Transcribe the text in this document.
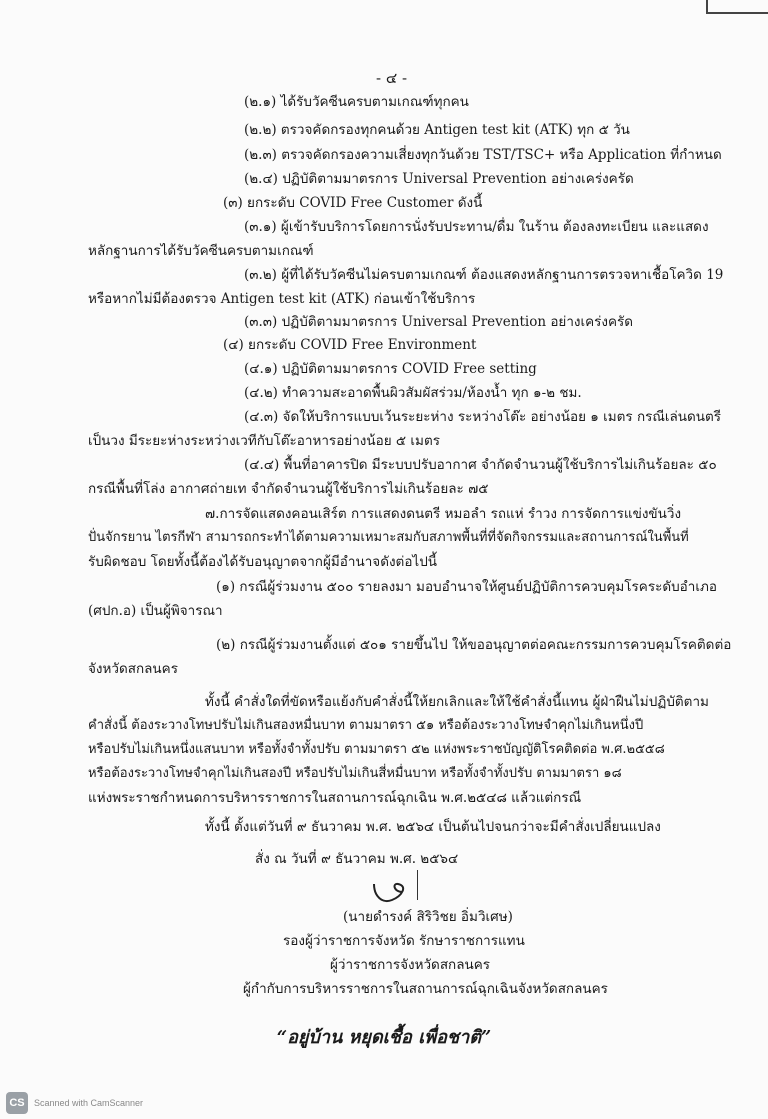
- ๔ -
(๒.๑) ได้รับวัคซีนครบตามเกณฑ์ทุกคน
(๒.๒) ตรวจคัดกรองทุกคนด้วย Antigen test kit (ATK) ทุก ๕ วัน
(๒.๓) ตรวจคัดกรองความเสี่ยงทุกวันด้วย TST/TSC+ หรือ Application ที่กำหนด
(๒.๔) ปฏิบัติตามมาตรการ Universal Prevention อย่างเคร่งครัด
(๓) ยกระดับ COVID Free Customer ดังนี้
(๓.๑) ผู้เข้ารับบริการโดยการนั่งรับประทาน/ดื่ม ในร้าน ต้องลงทะเบียน และแสดง
หลักฐานการได้รับวัคซีนครบตามเกณฑ์
(๓.๒) ผู้ที่ได้รับวัคซีนไม่ครบตามเกณฑ์ ต้องแสดงหลักฐานการตรวจหาเชื้อโควิด 19
หรือหากไม่มีต้องตรวจ Antigen test kit (ATK) ก่อนเข้าใช้บริการ
(๓.๓) ปฏิบัติตามมาตรการ Universal Prevention อย่างเคร่งครัด
(๔) ยกระดับ COVID Free Environment
(๔.๑) ปฏิบัติตามมาตรการ COVID Free setting
(๔.๒) ทำความสะอาดพื้นผิวสัมผัสร่วม/ห้องน้ำ ทุก ๑-๒ ชม.
(๔.๓) จัดให้บริการแบบเว้นระยะห่าง ระหว่างโต๊ะ อย่างน้อย ๑ เมตร กรณีเล่นดนตรี
เป็นวง มีระยะห่างระหว่างเวทีกับโต๊ะอาหารอย่างน้อย ๕ เมตร
(๔.๔) พื้นที่อาคารปิด มีระบบปรับอากาศ จำกัดจำนวนผู้ใช้บริการไม่เกินร้อยละ ๕๐
กรณีพื้นที่โล่ง อากาศถ่ายเท จำกัดจำนวนผู้ใช้บริการไม่เกินร้อยละ ๗๕
๗.การจัดแสดงคอนเสิร์ต การแสดงดนตรี หมอลำ รถแห่ รำวง การจัดการแข่งขันวิ่ง
ปั่นจักรยาน ไตรกีฬา สามารถกระทำได้ตามความเหมาะสมกับสภาพพื้นที่ที่จัดกิจกรรมและสถานการณ์ในพื้นที่
รับผิดชอบ โดยทั้งนี้ต้องได้รับอนุญาตจากผู้มีอำนาจดังต่อไปนี้
(๑) กรณีผู้ร่วมงาน ๕๐๐ รายลงมา มอบอำนาจให้ศูนย์ปฏิบัติการควบคุมโรคระดับอำเภอ
(ศปก.อ) เป็นผู้พิจารณา
(๒) กรณีผู้ร่วมงานตั้งแต่ ๕๐๑ รายขึ้นไป ให้ขออนุญาตต่อคณะกรรมการควบคุมโรคติดต่อ
จังหวัดสกลนคร
ทั้งนี้ คำสั่งใดที่ขัดหรือแย้งกับคำสั่งนี้ให้ยกเลิกและให้ใช้คำสั่งนี้แทน ผู้ฝ่าฝืนไม่ปฏิบัติตาม
คำสั่งนี้ ต้องระวางโทษปรับไม่เกินสองหมื่นบาท ตามมาตรา ๕๑ หรือต้องระวางโทษจำคุกไม่เกินหนึ่งปี
หรือปรับไม่เกินหนึ่งแสนบาท หรือทั้งจำทั้งปรับ ตามมาตรา ๕๒ แห่งพระราชบัญญัติโรคติดต่อ พ.ศ.๒๕๕๘
หรือต้องระวางโทษจำคุกไม่เกินสองปี หรือปรับไม่เกินสี่หมื่นบาท หรือทั้งจำทั้งปรับ ตามมาตรา ๑๘
แห่งพระราชกำหนดการบริหารราชการในสถานการณ์ฉุกเฉิน พ.ศ.๒๕๔๘ แล้วแต่กรณี
ทั้งนี้ ตั้งแต่วันที่ ๙ ธันวาคม พ.ศ. ๒๕๖๔ เป็นต้นไปจนกว่าจะมีคำสั่งเปลี่ยนแปลง
สั่ง ณ วันที่ ๙ ธันวาคม พ.ศ. ๒๕๖๔
(นายดำรงค์ สิริวิชย อิ่มวิเศษ)
รองผู้ว่าราชการจังหวัด รักษาราชการแทน
ผู้ว่าราชการจังหวัดสกลนคร
ผู้กำกับการบริหารราชการในสถานการณ์ฉุกเฉินจังหวัดสกลนคร
“อยู่บ้าน หยุดเชื้อ เพื่อชาติ”
CS	Scanned with CamScanner
